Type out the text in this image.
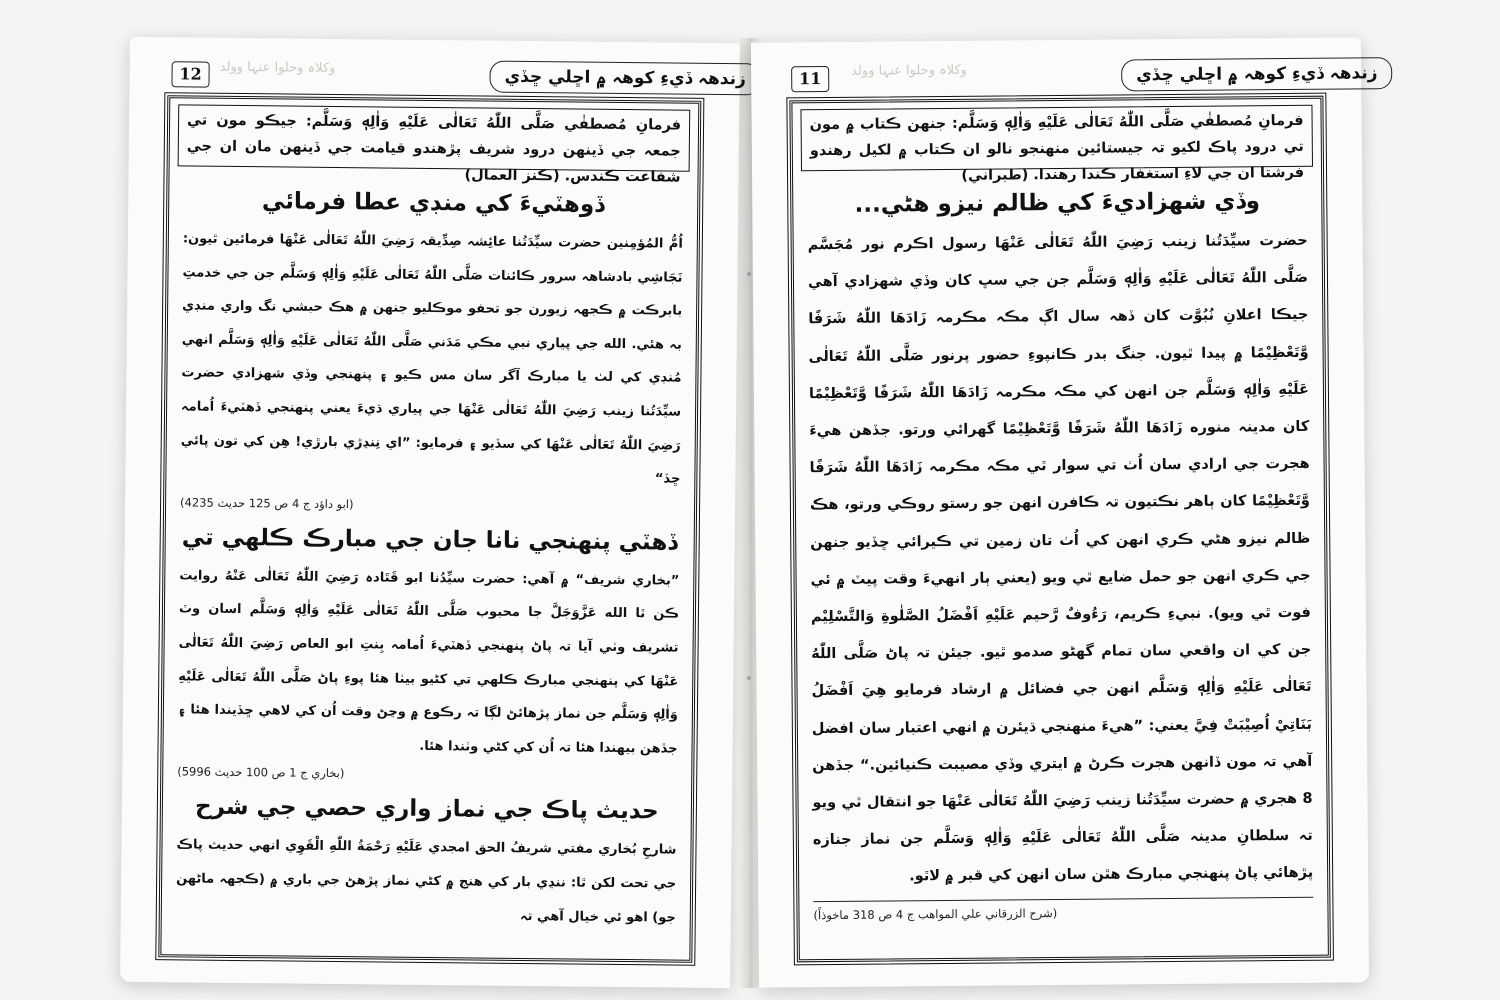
12	زندهہ ڏيءِ کوهہ ۾ اڇلي ڇڏي
وکلاہ وحلوا عنہا وولد
فرمانِ مُصطفٰي صَلَّى اللّٰهُ تَعَالٰى عَلَيْهِ وَاٰلِهٖ وَسَلَّم: جيڪو مون تي جمعہ جي ڏينهن درود شريف پڙهندو قيامت جي ڏينهن مان ان جي شفاعت ڪندس. (ڪنز العمال)
ڏوهٽيءَ کي منڊي عطا فرمائي

اُمُّ المُؤمِنين حضرت سيِّدَتُنا عائِشہ صِدِّيقہ رَضِيَ اللّٰهُ تَعَالٰى عَنْهَا فرمائين ٿيون: نَجَاشِي بادشاهہ سرور ڪائنات صَلَّى اللّٰهُ تَعَالٰى عَلَيْهِ وَاٰلِهٖ وَسَلَّم جن جي خدمتِ بابرڪت ۾ ڪجهہ زيورن جو تحفو موڪليو جنهن ۾ هڪ حبشي نگ واري منڊي بہ هئي. الله جي پياري نبي مڪي مَدَني صَلَّى اللّٰهُ تَعَالٰى عَلَيْهِ وَاٰلِهٖ وَسَلَّم انهي مُنڊي کي لٺ يا مبارڪ آگر سان مس ڪيو ۽ پنهنجي وڏي شهزادي حضرت سيِّدَتُنا زينب رَضِيَ اللّٰهُ تَعَالٰى عَنْهَا جي پياري ڌيءَ يعني پنهنجي ڏهٽيءَ اُمامہ رَضِيَ اللّٰهُ تَعَالٰى عَنْهَا کي سڏيو ۽ فرمايو: ”اي نِنڍڙي بارڙي! هِن کي تون پائي ڇڏ“

(ابو داؤد ج 4 ص 125 حديث 4235)
ڏهٽي پنهنجي نانا جان جي مبارڪ ڪلهي تي

”بخاري شريف“ ۾ آهي: حضرت سيِّدُنا ابو قَتَادہ رَضِيَ اللّٰهُ تَعَالٰى عَنْهُ روايت ڪن ٿا الله عَزَّوَجَلَّ جا محبوب صَلَّى اللّٰهُ تَعَالٰى عَلَيْهِ وَاٰلِهٖ وَسَلَّم اسان وٽ تشريف وٺي آيا تہ پاڻ پنهنجي ڏهٽيءَ اُمامہ بِنتِ ابو العاص رَضِيَ اللّٰهُ تَعَالٰى عَنْهَا کي پنهنجي مبارڪ ڪلهي تي کڻيو بيٺا هئا پوءِ پاڻ صَلَّى اللّٰهُ تَعَالٰى عَلَيْهِ وَاٰلِهٖ وَسَلَّم جن نماز پڙهائڻ لڳا تہ رڪوع ۾ وڃڻ وقت اُن کي لاهي ڇڏيندا هئا ۽ جڏهن بيهندا هئا تہ اُن کي کڻي وٺندا هئا.

(بخاري ج 1 ص 100 حديث 5996)
حديث پاڪ جي نماز واري حصي جي شرح

شارحِ بُخاري مفتي شريفُ الحق امجدي عَلَيْهِ رَحْمَةُ اللّٰهِ الْقَوِي انهي حديث پاڪ جي تحت لکن ٿا: ننڍي بار کي هنج ۾ کڻي نماز پڙهڻ جي باري ۾ (ڪجهہ ماڻهن جو) اهو ئي خيال آهي تہ

11	زندهہ ڏيءِ کوهہ ۾ اڇلي ڇڏي
وکلاہ وحلوا عنہا وولد
فرمانِ مُصطفٰي صَلَّى اللّٰهُ تَعَالٰى عَلَيْهِ وَاٰلِهٖ وَسَلَّم: جنهن ڪتاب ۾ مون تي درود پاڪ لکيو تہ جيستائين منهنجو نالو ان ڪتاب ۾ لکيل رهندو فرشتا ان جي لاءِ استغفار ڪندا رهندا. (طبراني)
وڏي شهزاديءَ کي ظالم نيزو هڻي...

حضرت سيِّدَتُنا زينب رَضِيَ اللّٰهُ تَعَالٰى عَنْهَا رسول اڪرم نور مُجَسَّم صَلَّى اللّٰهُ تَعَالٰى عَلَيْهِ وَاٰلِهٖ وَسَلَّم جن جي سڀ کان وڏي شهزادي آهي جيڪا اعلانِ نُبُوَّت کان ڏهہ سال اڳ مڪہ مڪرمہ زَادَهَا اللّٰهُ شَرَفًا وَّتَعْظِيْمًا ۾ پيدا ٿيون. جنگ بدر ڪانپوءِ حضور پرنور صَلَّى اللّٰهُ تَعَالٰى عَلَيْهِ وَاٰلِهٖ وَسَلَّم جن انهن کي مڪہ مڪرمہ زَادَهَا اللّٰهُ شَرَفًا وَّتَعْظِيْمًا کان مدينہ منوره زَادَهَا اللّٰهُ شَرَفًا وَّتَعْظِيْمًا گهرائي ورتو. جڏهن هيءَ هجرت جي ارادي سان اُٺ تي سوار ٿي مڪہ مڪرمہ زَادَهَا اللّٰهُ شَرَفًا وَّتَعْظِيْمًا کان ٻاهر نڪتيون تہ ڪافرن انهن جو رستو روڪي ورتو، هڪ ظالم نيزو هڻي ڪري انهن کي اُٺ تان زمين تي ڪيرائي ڇڏيو جنهن جي ڪري انهن جو حمل ضايع ٿي ويو (يعني ٻار انهيءَ وقت پيٽ ۾ ئي فوت ٿي ويو). نبيءِ ڪريم، رَءُوفٌ رَّحيم عَلَيْهِ اَفْضَلُ الصَّلٰوةِ وَالتَّسْلِيْم جن کي ان واقعي سان تمام گهڻو صدمو ٿيو. جيئن تہ پاڻ صَلَّى اللّٰهُ تَعَالٰى عَلَيْهِ وَاٰلِهٖ وَسَلَّم انهن جي فضائل ۾ ارشاد فرمايو هِيَ اَفْضَلُ بَنَاتِيْ اُصِيْبَتْ فِيَّ يعني: ”هيءَ منهنجي ڌيئرن ۾ انهي اعتبار سان افضل آهي تہ مون ڏانهن هجرت ڪرڻ ۾ ايتري وڏي مصيبت ڪنيائين.“ جڏهن 8 هجري ۾ حضرت سيِّدَتُنا زينب رَضِيَ اللّٰهُ تَعَالٰى عَنْهَا جو انتقال ٿي ويو تہ سلطانِ مدينہ صَلَّى اللّٰهُ تَعَالٰى عَلَيْهِ وَاٰلِهٖ وَسَلَّم جن نماز جنازه پڙهائي پاڻ پنهنجي مبارڪ هٿن سان انهن کي قبر ۾ لاٿو.

(شرح الزرقاني علي المواهب ج 4 ص 318 ماخوذاً)
